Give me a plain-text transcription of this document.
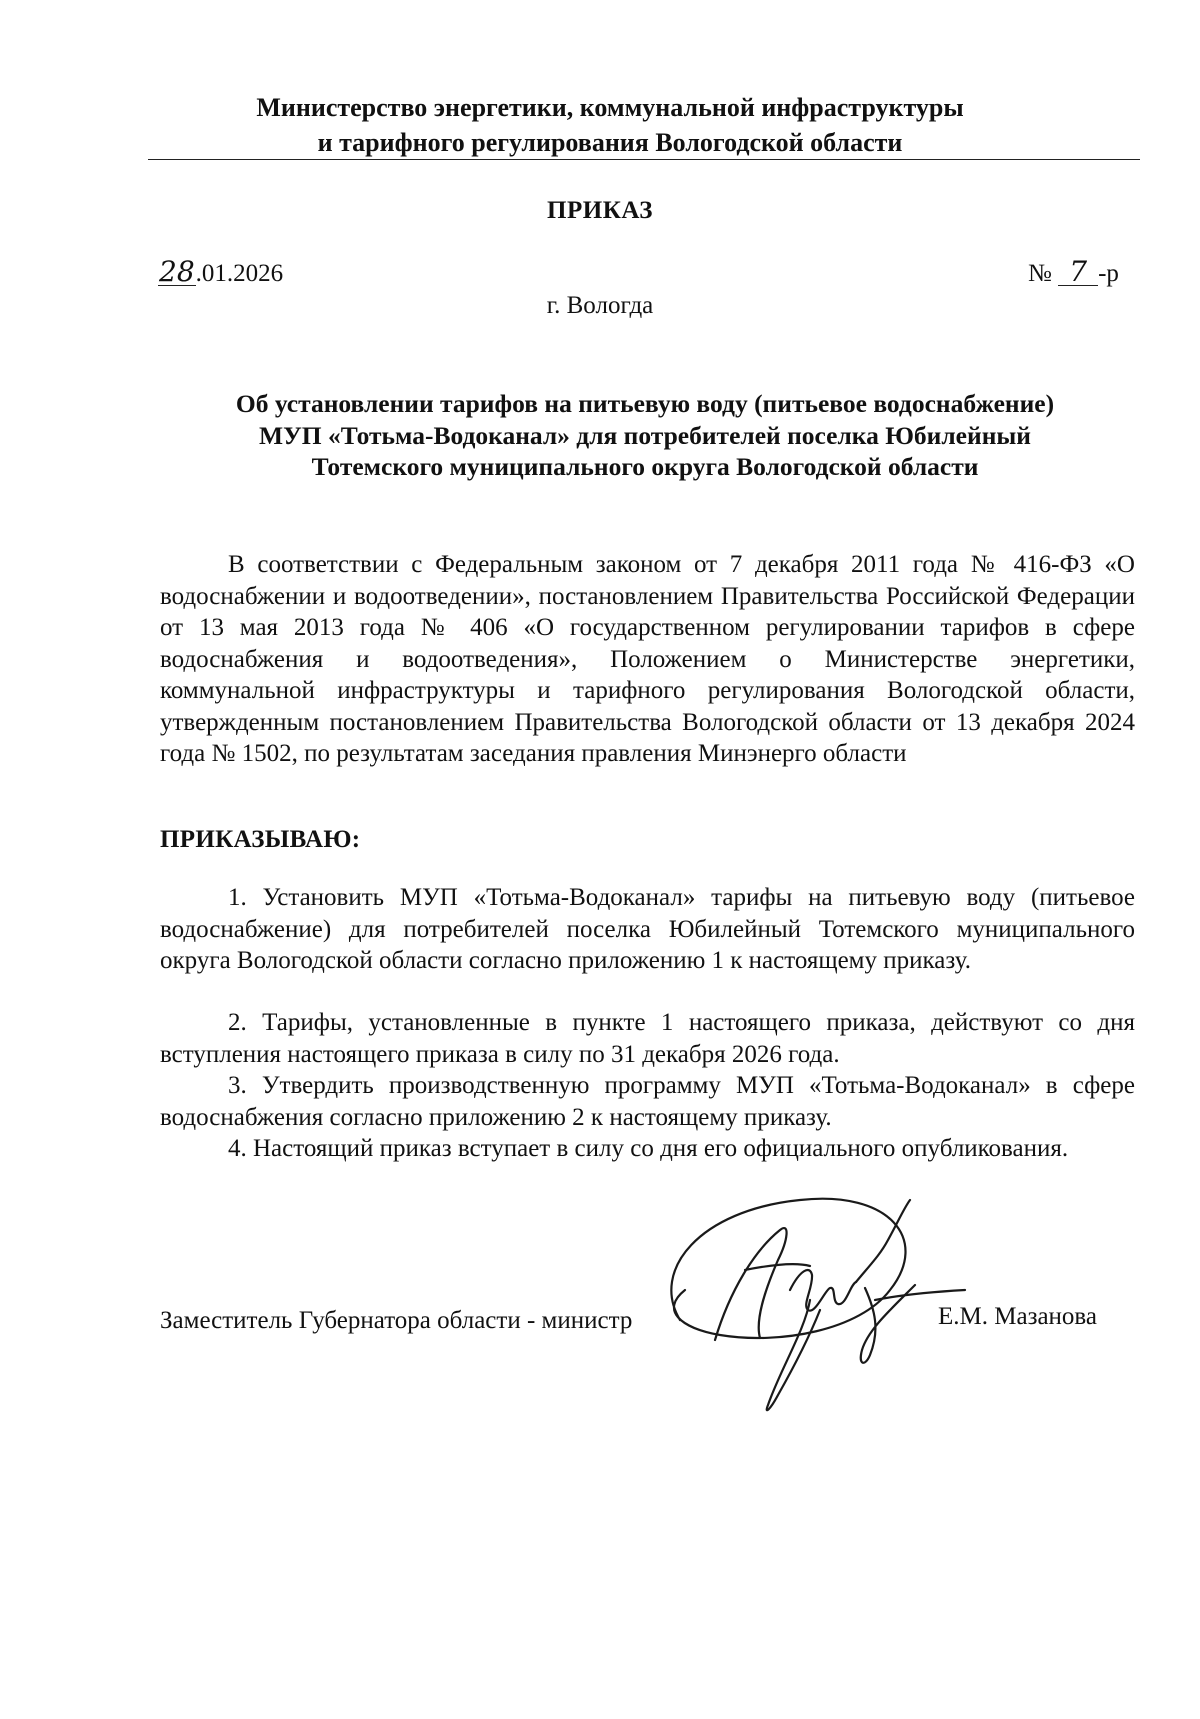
Министерство энергетики, коммунальной инфраструктуры
и тарифного регулирования Вологодской области
ПРИКАЗ
28.01.2026	№ 7 -р
г. Вологда
Об установлении тарифов на питьевую воду (питьевое водоснабжение)
МУП «Тотьма-Водоканал» для потребителей поселка Юбилейный
Тотемского муниципального округа Вологодской области
В соответствии с Федеральным законом от 7 декабря 2011 года № 416-ФЗ «О водоснабжении и водоотведении», постановлением Правительства Российской Федерации от 13 мая 2013 года № 406 «О государственном регулировании тарифов в сфере водоснабжения и водоотведения», Положением о Министерстве энергетики, коммунальной инфраструктуры и тарифного регулирования Вологодской области, утвержденным постановлением Правительства Вологодской области от 13 декабря 2024 года № 1502, по результатам заседания правления Минэнерго области
ПРИКАЗЫВАЮ:
1. Установить МУП «Тотьма-Водоканал» тарифы на питьевую воду (питьевое водоснабжение) для потребителей поселка Юбилейный Тотемского муниципального округа Вологодской области согласно приложению 1 к настоящему приказу.
2. Тарифы, установленные в пункте 1 настоящего приказа, действуют со дня вступления настоящего приказа в силу по 31 декабря 2026 года.
3. Утвердить производственную программу МУП «Тотьма-Водоканал» в сфере водоснабжения согласно приложению 2 к настоящему приказу.
4. Настоящий приказ вступает в силу со дня его официального опубликования.
Заместитель Губернатора области - министр	Е.М. Мазанова
